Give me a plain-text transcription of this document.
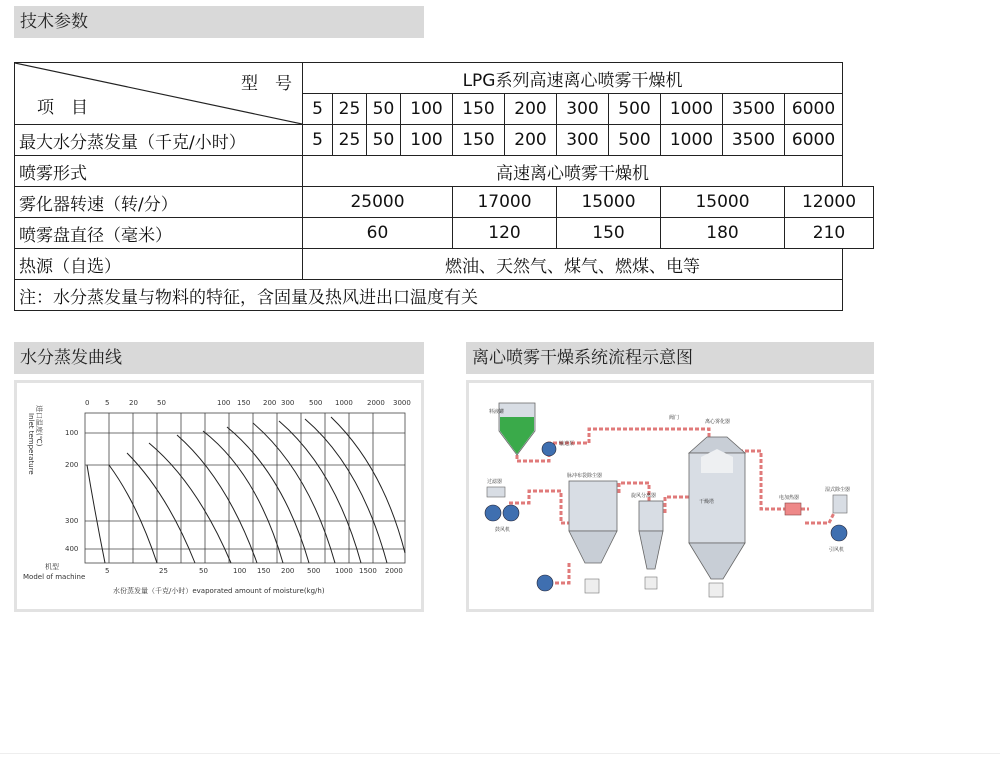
技术参数
型　号
项　目	LPG系列高速离心喷雾干燥机										
	5	25	50	100	150	200	300	500	1000	3500	6000
最大水分蒸发量（千克/小时）	5	25	50	100	150	200	300	500	1000	3500	6000
喷雾形式	高速离心喷雾干燥机										
雾化器转速（转/分）	25000				17000		15000		15000		12000
喷雾盘直径（毫米）	60				120		150		180		210
热源（自选）	燃油、天然气、煤气、燃煤、电等										
注：水分蒸发量与物料的特征，含固量及热风进出口温度有关											
水分蒸发曲线	离心喷雾干燥系统流程示意图
0 5	20	50	100 150 200 300 500 1000 2000 3000
进口温度(℃)
Inlet temperature	100
200
300
400
5	25	50	100 150 200 500 1000 1500 2000
机型
Model of machine
水份蒸发量（千克/小时）evaporated amount of moisture(kg/h)
料液罐
输送泵
鼓风机
引风机
过滤器
脉冲布袋除尘器
旋风分离器
干燥塔
离心雾化器
电加热器
湿式除尘器
阀门
